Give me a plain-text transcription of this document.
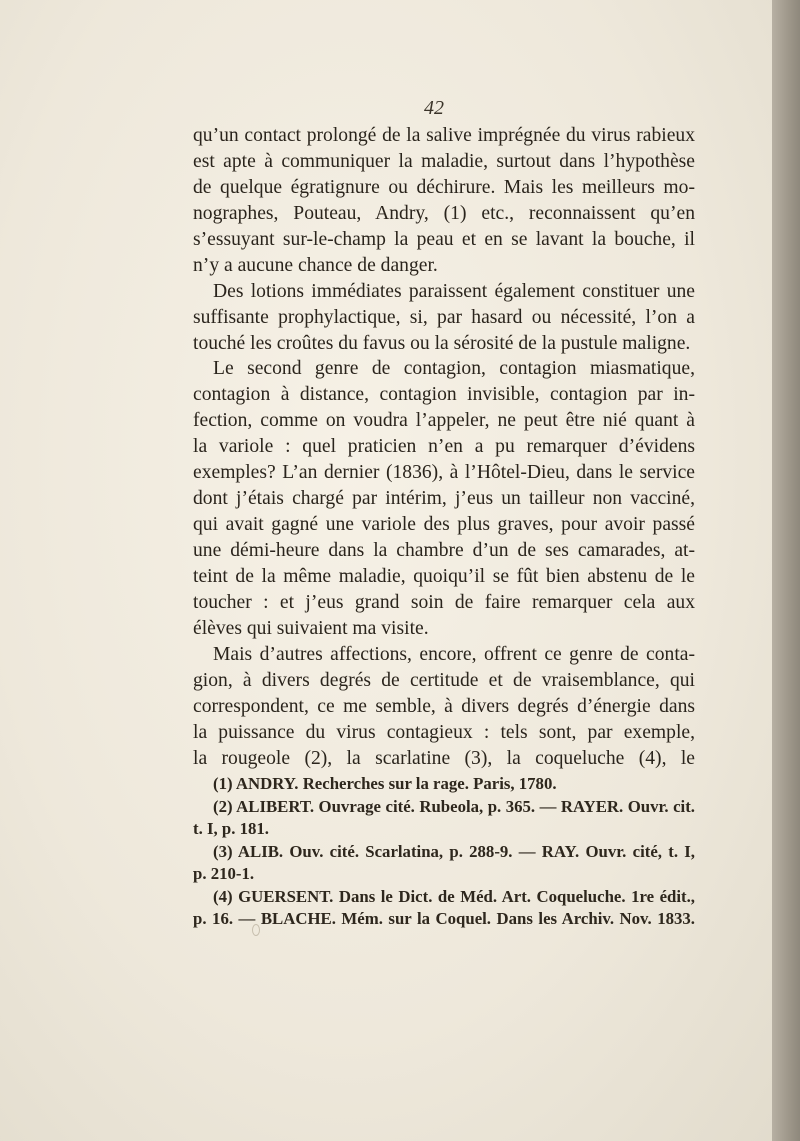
42
qu’un contact prolongé de la salive imprégnée du virus rabieux
est apte à communiquer la maladie, surtout dans l’hypothèse
de quelque égratignure ou déchirure. Mais les meilleurs mo-
nographes, Pouteau, Andry, (1) etc., reconnaissent qu’en
s’essuyant sur-le-champ la peau et en se lavant la bouche, il
n’y a aucune chance de danger.
Des lotions immédiates paraissent également constituer une
suffisante prophylactique, si, par hasard ou nécessité, l’on a
touché les croûtes du favus ou la sérosité de la pustule maligne.
Le second genre de contagion, contagion miasmatique,
contagion à distance, contagion invisible, contagion par in-
fection, comme on voudra l’appeler, ne peut être nié quant à
la variole : quel praticien n’en a pu remarquer d’évidens
exemples? L’an dernier (1836), à l’Hôtel-Dieu, dans le service
dont j’étais chargé par intérim, j’eus un tailleur non vacciné,
qui avait gagné une variole des plus graves, pour avoir passé
une démi-heure dans la chambre d’un de ses camarades, at-
teint de la même maladie, quoiqu’il se fût bien abstenu de le
toucher : et j’eus grand soin de faire remarquer cela aux
élèves qui suivaient ma visite.
Mais d’autres affections, encore, offrent ce genre de conta-
gion, à divers degrés de certitude et de vraisemblance, qui
correspondent, ce me semble, à divers degrés d’énergie dans
la puissance du virus contagieux : tels sont, par exemple,
la rougeole (2), la scarlatine (3), la coqueluche (4), le
(1) ANDRY. Recherches sur la rage. Paris, 1780.
(2) ALIBERT. Ouvrage cité. Rubeola, p. 365. — RAYER. Ouvr. cit.
t. I, p. 181.
(3) ALIB. Ouv. cité. Scarlatina, p. 288-9. — RAY. Ouvr. cité, t. I,
p. 210-1.
(4) GUERSENT. Dans le Dict. de Méd. Art. Coqueluche. 1re édit.,
p. 16. — BLACHE. Mém. sur la Coquel. Dans les Archiv. Nov. 1833.
